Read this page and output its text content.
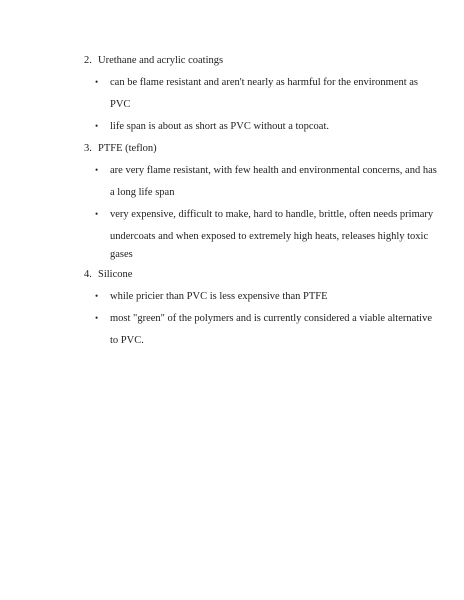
2. Urethane and acrylic coatings
• can be flame resistant and aren't nearly as harmful for the environment as
PVC
• life span is about as short as PVC without a topcoat.
3. PTFE (teflon)
• are very flame resistant, with few health and environmental concerns, and has
a long life span
• very expensive, difficult to make, hard to handle, brittle, often needs primary
undercoats and when exposed to extremely high heats, releases highly toxic
gases
4. Silicone
• while pricier than PVC is less expensive than PTFE
• most "green" of the polymers and is currently considered a viable alternative
to PVC.
